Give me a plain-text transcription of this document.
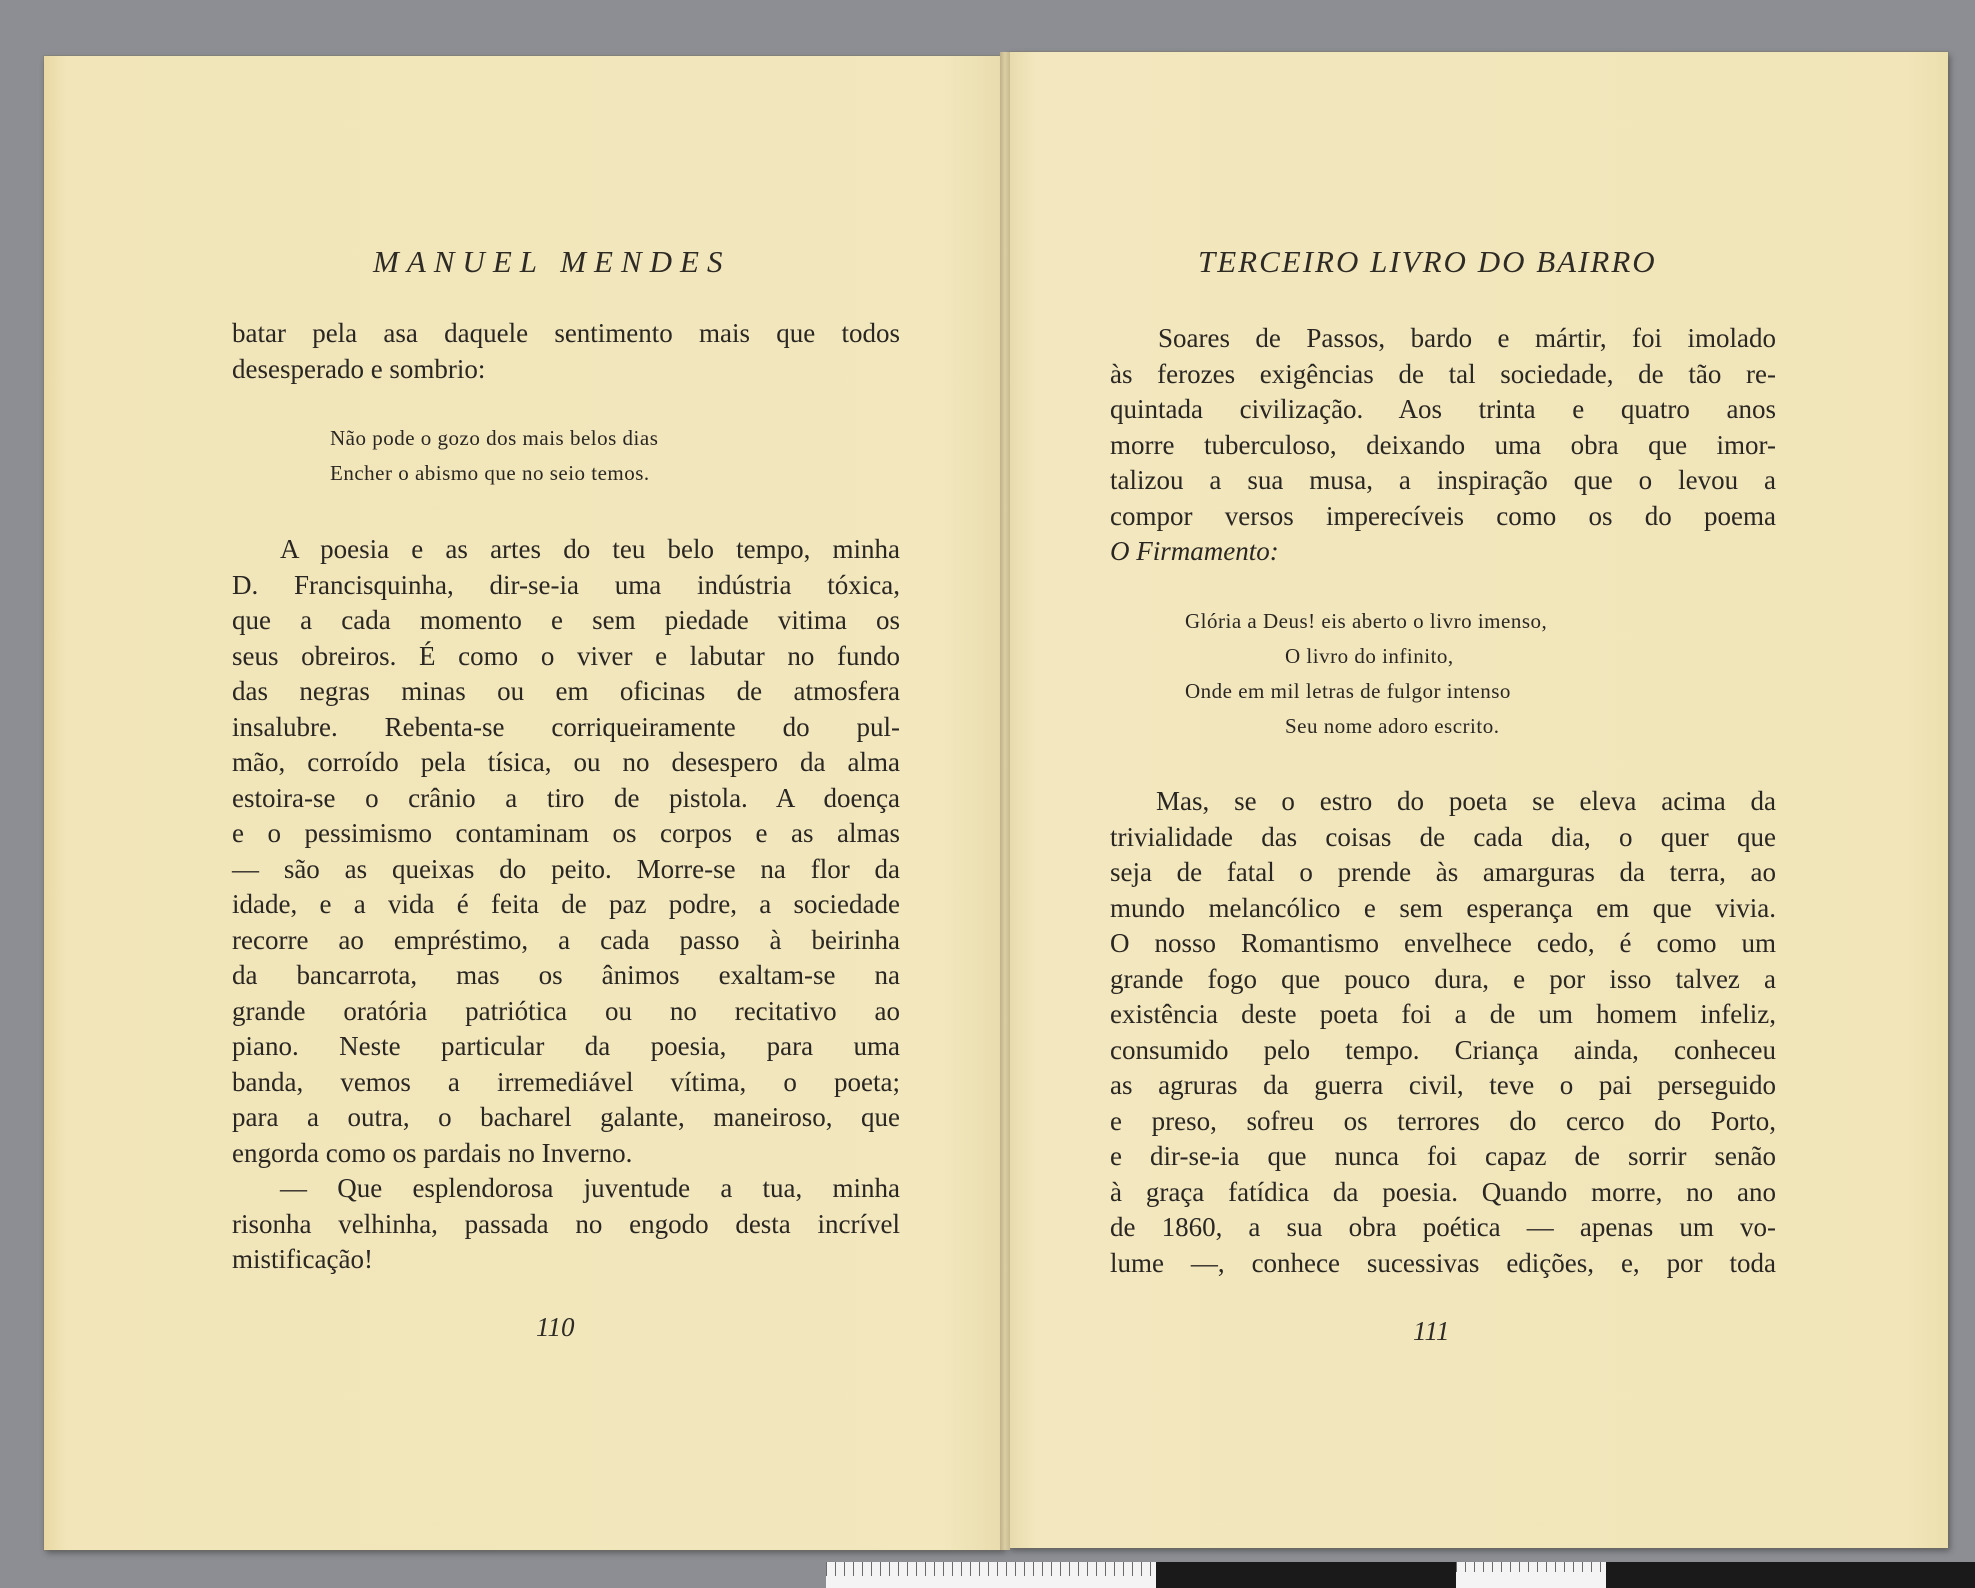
MANUEL MENDES
batar pela asa daquele sentimento mais que todos
desesperado e sombrio:
Não pode o gozo dos mais belos dias
Encher o abismo que no seio temos.
A poesia e as artes do teu belo tempo, minha
D. Francisquinha, dir-se-ia uma indústria tóxica,
que a cada momento e sem piedade vitima os
seus obreiros. É como o viver e labutar no fundo
das negras minas ou em oficinas de atmosfera
insalubre. Rebenta-se corriqueiramente do pul-
mão, corroído pela tísica, ou no desespero da alma
estoira-se o crânio a tiro de pistola. A doença
e o pessimismo contaminam os corpos e as almas
— são as queixas do peito. Morre-se na flor da
idade, e a vida é feita de paz podre, a sociedade
recorre ao empréstimo, a cada passo à beirinha
da bancarrota, mas os ânimos exaltam-se na
grande oratória patriótica ou no recitativo ao
piano. Neste particular da poesia, para uma
banda, vemos a irremediável vítima, o poeta;
para a outra, o bacharel galante, maneiroso, que
engorda como os pardais no Inverno.
— Que esplendorosa juventude a tua, minha
risonha velhinha, passada no engodo desta incrível
mistificação!
110
TERCEIRO LIVRO DO BAIRRO
Soares de Passos, bardo e mártir, foi imolado
às ferozes exigências de tal sociedade, de tão re-
quintada civilização. Aos trinta e quatro anos
morre tuberculoso, deixando uma obra que imor-
talizou a sua musa, a inspiração que o levou a
compor versos imperecíveis como os do poema
O Firmamento:
Glória a Deus! eis aberto o livro imenso,
O livro do infinito,
Onde em mil letras de fulgor intenso
Seu nome adoro escrito.
Mas, se o estro do poeta se eleva acima da
trivialidade das coisas de cada dia, o quer que
seja de fatal o prende às amarguras da terra, ao
mundo melancólico e sem esperança em que vivia.
O nosso Romantismo envelhece cedo, é como um
grande fogo que pouco dura, e por isso talvez a
existência deste poeta foi a de um homem infeliz,
consumido pelo tempo. Criança ainda, conheceu
as agruras da guerra civil, teve o pai perseguido
e preso, sofreu os terrores do cerco do Porto,
e dir-se-ia que nunca foi capaz de sorrir senão
à graça fatídica da poesia. Quando morre, no ano
de 1860, a sua obra poética — apenas um vo-
lume —, conhece sucessivas edições, e, por toda
111
